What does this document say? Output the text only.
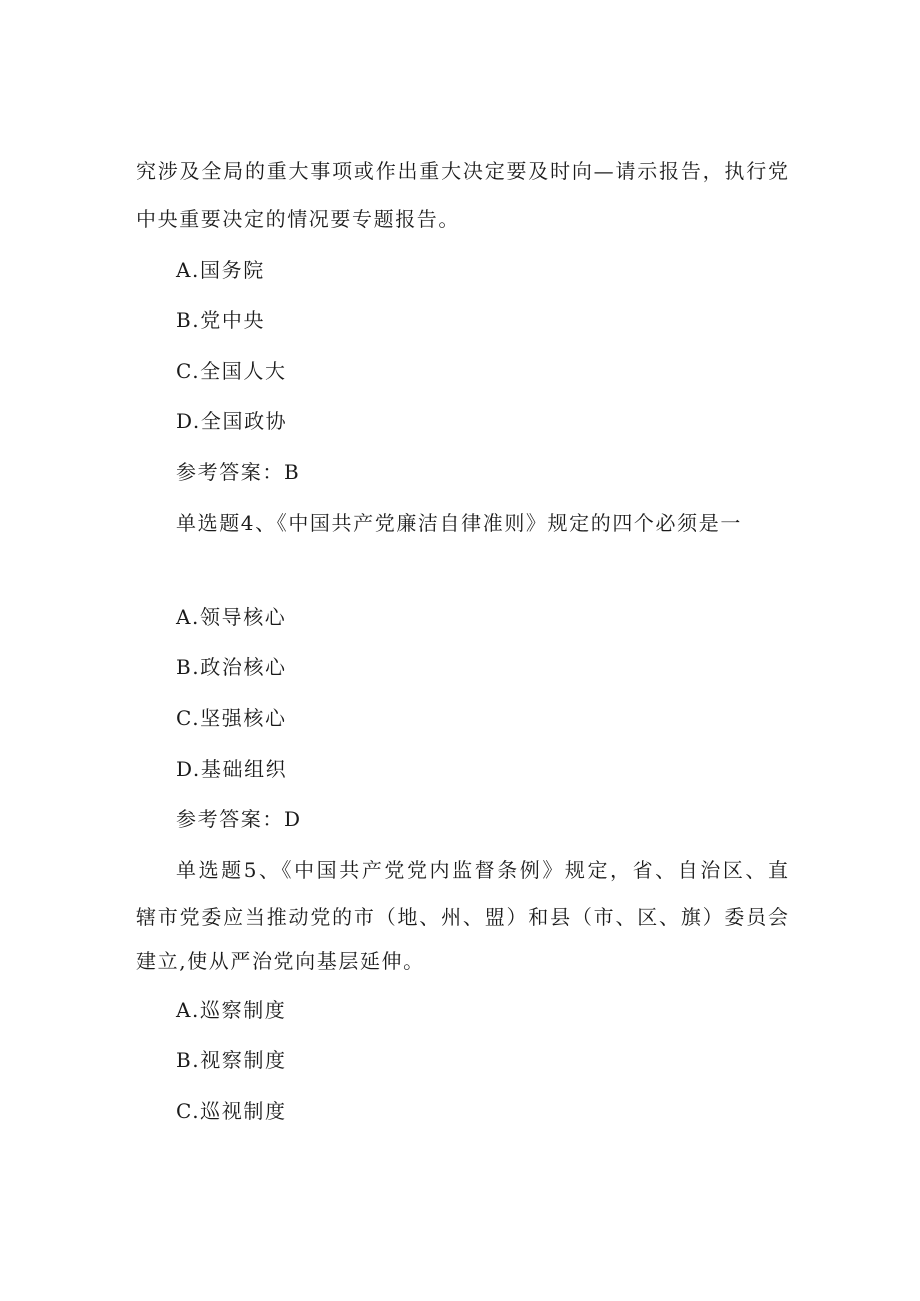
究涉及全局的重大事项或作出重大决定要及时向—请示报告，执行党
中央重要决定的情况要专题报告。
A.国务院
B.党中央
C.全国人大
D.全国政协
参考答案：B
单选题4、《中国共产党廉洁自律准则》规定的四个必须是一
A.领导核心
B.政治核心
C.坚强核心
D.基础组织
参考答案：D
单选题5、《中国共产党党内监督条例》规定，省、自治区、直
辖市党委应当推动党的市（地、州、盟）和县（市、区、旗）委员会
建立,使从严治党向基层延伸。
A.巡察制度
B.视察制度
C.巡视制度
